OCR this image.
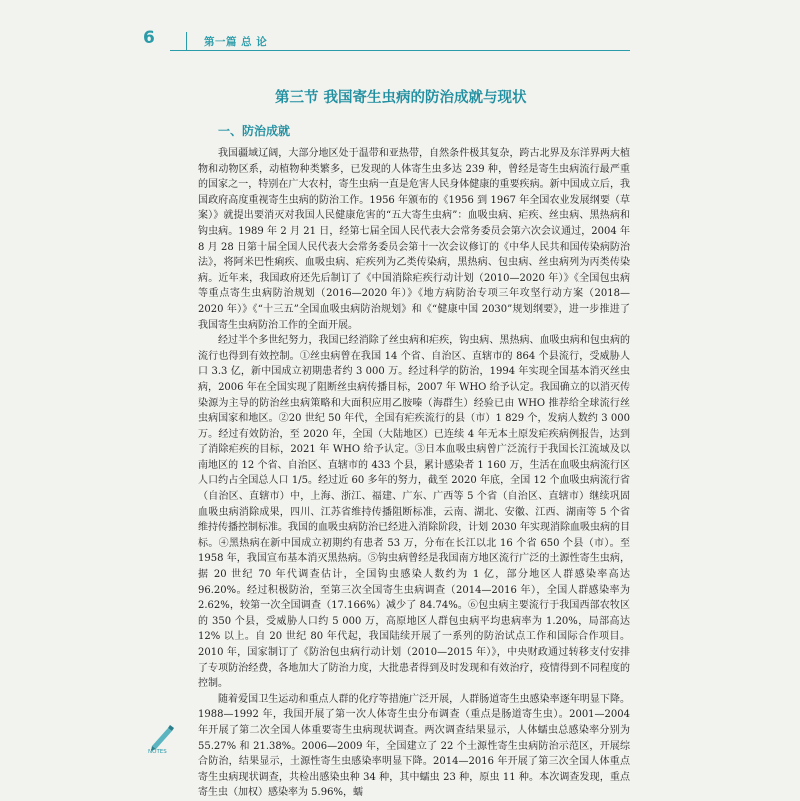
6	第一篇 总 论
第三节 我国寄生虫病的防治成就与现状
一、防治成就

我国疆域辽阔，大部分地区处于温带和亚热带，自然条件极其复杂，跨古北界及东洋界两大植物和动物区系，动植物种类繁多，已发现的人体寄生虫多达 239 种，曾经是寄生虫病流行最严重的国家之一，特别在广大农村，寄生虫病一直是危害人民身体健康的重要疾病。新中国成立后，我国政府高度重视寄生虫病的防治工作。1956 年颁布的《1956 到 1967 年全国农业发展纲要（草案）》就提出要消灭对我国人民健康危害的“五大寄生虫病”：血吸虫病、疟疾、丝虫病、黑热病和钩虫病。1989 年 2 月 21 日，经第七届全国人民代表大会常务委员会第六次会议通过，2004 年 8 月 28 日第十届全国人民代表大会常务委员会第十一次会议修订的《中华人民共和国传染病防治法》，将阿米巴性痢疾、血吸虫病、疟疾列为乙类传染病，黑热病、包虫病、丝虫病列为丙类传染病。近年来，我国政府还先后制订了《中国消除疟疾行动计划（2010—2020 年）》《全国包虫病等重点寄生虫病防治规划（2016—2020 年）》《地方病防治专项三年攻坚行动方案（2018—2020 年）》《“十三五”全国血吸虫病防治规划》和《“健康中国 2030”规划纲要》，进一步推进了我国寄生虫病防治工作的全面开展。

经过半个多世纪努力，我国已经消除了丝虫病和疟疾，钩虫病、黑热病、血吸虫病和包虫病的流行也得到有效控制。①丝虫病曾在我国 14 个省、自治区、直辖市的 864 个县流行，受威胁人口 3.3 亿，新中国成立初期患者约 3 000 万。经过科学的防治，1994 年实现全国基本消灭丝虫病，2006 年在全国实现了阻断丝虫病传播目标，2007 年 WHO 给予认定。我国确立的以消灭传染源为主导的防治丝虫病策略和大面积应用乙胺嗪（海群生）经验已由 WHO 推荐给全球流行丝虫病国家和地区。②20 世纪 50 年代，全国有疟疾流行的县（市）1 829 个，发病人数约 3 000 万。经过有效防治，至 2020 年，全国（大陆地区）已连续 4 年无本土原发疟疾病例报告，达到了消除疟疾的目标，2021 年 WHO 给予认定。③日本血吸虫病曾广泛流行于我国长江流域及以南地区的 12 个省、自治区、直辖市的 433 个县，累计感染者 1 160 万，生活在血吸虫病流行区人口约占全国总人口 1/5。经过近 60 多年的努力，截至 2020 年底，全国 12 个血吸虫病流行省（自治区、直辖市）中，上海、浙江、福建、广东、广西等 5 个省（自治区、直辖市）继续巩固血吸虫病消除成果，四川、江苏省维持传播阻断标准，云南、湖北、安徽、江西、湖南等 5 个省维持传播控制标准。我国的血吸虫病防治已经进入消除阶段，计划 2030 年实现消除血吸虫病的目标。④黑热病在新中国成立初期约有患者 53 万，分布在长江以北 16 个省 650 个县（市）。至 1958 年，我国宣布基本消灭黑热病。⑤钩虫病曾经是我国南方地区流行广泛的土源性寄生虫病，据 20 世纪 70 年代调查估计，全国钩虫感染人数约为 1 亿，部分地区人群感染率高达 96.20%。经过积极防治，至第三次全国寄生虫病调查（2014—2016 年），全国人群感染率为 2.62%，较第一次全国调查（17.166%）减少了 84.74%。⑥包虫病主要流行于我国西部农牧区的 350 个县，受威胁人口约 5 000 万，高原地区人群包虫病平均患病率为 1.20%，局部高达 12% 以上。自 20 世纪 80 年代起，我国陆续开展了一系列的防治试点工作和国际合作项目。2010 年，国家制订了《防治包虫病行动计划（2010—2015 年）》，中央财政通过转移支付安排了专项防治经费，各地加大了防治力度，大批患者得到及时发现和有效治疗，疫情得到不同程度的控制。

随着爱国卫生运动和重点人群的化疗等措施广泛开展，人群肠道寄生虫感染率逐年明显下降。1988—1992 年，我国开展了第一次人体寄生虫分布调查（重点是肠道寄生虫）。2001—2004 年开展了第二次全国人体重要寄生虫病现状调查。两次调查结果显示，人体蠕虫总感染率分别为 55.27% 和 21.38%。2006—2009 年，全国建立了 22 个土源性寄生虫病防治示范区，开展综合防治，结果显示，土源性寄生虫感染率明显下降。2014—2016 年开展了第三次全国人体重点寄生虫病现状调查，共检出感染虫种 34 种，其中蠕虫 23 种，原虫 11 种。本次调查发现，重点寄生虫（加权）感染率为 5.96%，蠕

NOTES
